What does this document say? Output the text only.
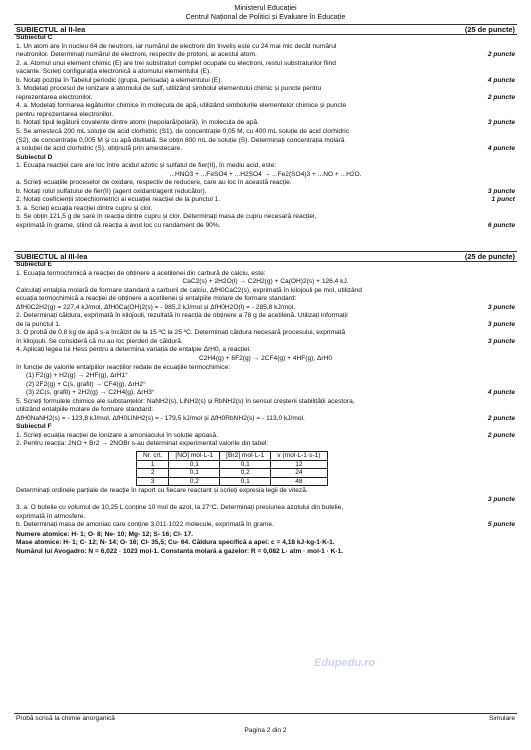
Ministerul Educației
Centrul Național de Politici și Evaluare în Educație
SUBIECTUL al II-lea	(25 de puncte)
Subiectul C
1. Un atom are în nucleu 84 de neutroni, iar numărul de electroni din înveliș este cu 24 mai mic decât numărul
neutronilor. Determinați numărul de electroni, respectiv de protoni, ai acestui atom.	2 puncte
2. a. Atomul unui element chimic (E) are trei substraturi complet ocupate cu electroni, restul substraturilor fiind
vacante. Scrieți configurația electronică a atomului elementului (E).
b. Notați poziția în Tabelul periodic (grupa, perioada) a elementului (E).	4 puncte
3. Modelați procesul de ionizare a atomului de sulf, utilizând simbolul elementului chimic și puncte pentru
reprezentarea electronilor.	2 puncte
4. a. Modelați formarea legăturilor chimice în molecula de apă, utilizând simbolurile elementelor chimice și puncte
pentru reprezentarea electronilor.
b. Notați tipul legăturii covalente dintre atomi (nepolară/polară), în molecula de apă.	3 puncte
5. Se amestecă 200 mL soluție de acid clorhidric (S1), de concentrație 0,05 M, cu 400 mL soluție de acid clorhidric
(S2), de concentrație 0,005 M și cu apă distilată. Se obțin 800 mL de soluție (S). Determinați concentrația molară
a soluției de acid clorhidric (S), obținută prin amestecare.	4 puncte
Subiectul D
1. Ecuația reacției care are loc între acidul azotic și sulfatul de fier(II), în mediu acid, este:
...HNO3 + ...FeSO4 + ...H2SO4 → ...Fe2(SO4)3 + ...NO + ...H2O.
a. Scrieți ecuațiile proceselor de oxidare, respectiv de reducere, care au loc în această reacție.
b. Notați rolul sulfatului de fier(II) (agent oxidant/agent reducător).	3 puncte
2. Notați coeficienții stoechiometrici ai ecuației reacției de la punctul 1.	1 punct
3. a. Scrieți ecuația reacției dintre cupru și clor.
b. Se obțin 121,5 g de sare în reacția dintre cupru și clor. Determinați masa de cupru necesară reacției,
exprimată în grame, știind că reacția a avut loc cu randament de 90%.	6 puncte
SUBIECTUL al III-lea	(25 de puncte)
Subiectul E
1. Ecuația termochimică a reacției de obținere a acetilenei din carbură de calciu, este:
CaC2(s) + 2H2O(l) → C2H2(g) + Ca(OH)2(s) + 126,4 kJ.
Calculați entalpia molară de formare standard a carburii de calciu, ΔfH0CaC2(s), exprimată în kilojouli pe mol, utilizând
ecuația termochimică a reacției de obținere a acetilenei și entalpiile molare de formare standard:
ΔfH0C2H2(g) = 227,4 kJ/mol, ΔfH0Ca(OH)2(s) = - 985,2 kJ/mol și ΔfH0H2O(l) = - 285,8 kJ/mol.	3 puncte
2. Determinați căldura, exprimată în kilojouli, rezultată în reacția de obținere a 78 g de acetilenă. Utilizați informații
de la punctul 1.	3 puncte
3. O probă de 0,8 kg de apă s-a încălzit de la 15 ºC la 25 ºC. Determinați căldura necesară procesului, exprimată
în kilojouli. Se consideră că nu au loc pierderi de căldură.	3 puncte
4. Aplicați legea lui Hess pentru a determina variația de entalpie ΔrH0, a reacției:
C2H4(g) + 6F2(g) → 2CF4(g) + 4HF(g), ΔrH0
în funcție de valorile entalpiilor reacțiilor redate de ecuațiile termochimice:
(1) F2(g) + H2(g) → 2HF(g), ΔrH1°
(2) 2F2(g) + C(s, grafit) → CF4(g), ΔrH2°
(3) 2C(s, grafit) + 2H2(g) → C2H4(g), ΔrH3°	4 puncte
5. Scrieți formulele chimice ale substanțelor: NaNH2(s), LiNH2(s) și RbNH2(s) în sensul creșterii stabilității acestora,
utilizând entalpiile molare de formare standard:
ΔfH0NaNH2(s) = - 123,8 kJ/mol, ΔfH0LiNH2(s) = - 179,5 kJ/mol și ΔfH0RbNH2(s) = - 113,0 kJ/mol.	2 puncte
Subiectul F
1. Scrieți ecuația reacției de ionizare a amoniacului în soluție apoasă.	2 puncte
2. Pentru reacția: 2NO + Br2 → 2NOBr s-au determinat experimental valorile din tabel:
Nr. crt.	[NO] mol·L-1	[Br2] mol·L-1	v (mol·L-1·s-1)
1	0,1	0,1	12
2	0,1	0,2	24
3	0,2	0,1	48
Determinați ordinele parțiale de reacție în raport cu fiecare reactant și scrieți expresia legii de viteză.
3 puncte
3. a. O butelie cu volumul de 10,25 L conține 10 mol de azot, la 27°C. Determinați presiunea azotului din butelie,
exprimată în atmosfere.
b. Determinați masa de amoniac care conține 3,011·1022 molecule, exprimată în grame.	5 puncte
Numere atomice: H- 1; O- 8; Ne- 10; Mg- 12; S- 16; Cl- 17.
Mase atomice: H- 1; C- 12; N- 14; O- 16; Cl- 35,5; Cu- 64. Căldura specifică a apei: c = 4,18 kJ·kg-1·K-1.
Numărul lui Avogadro: N = 6,022 · 1023 mol-1. Constanta molară a gazelor: R = 0,082 L· atm · mol-1 · K-1.
Edupedu.ro
Probă scrisă la chimie anorganică	Simulare
Pagina 2 din 2
